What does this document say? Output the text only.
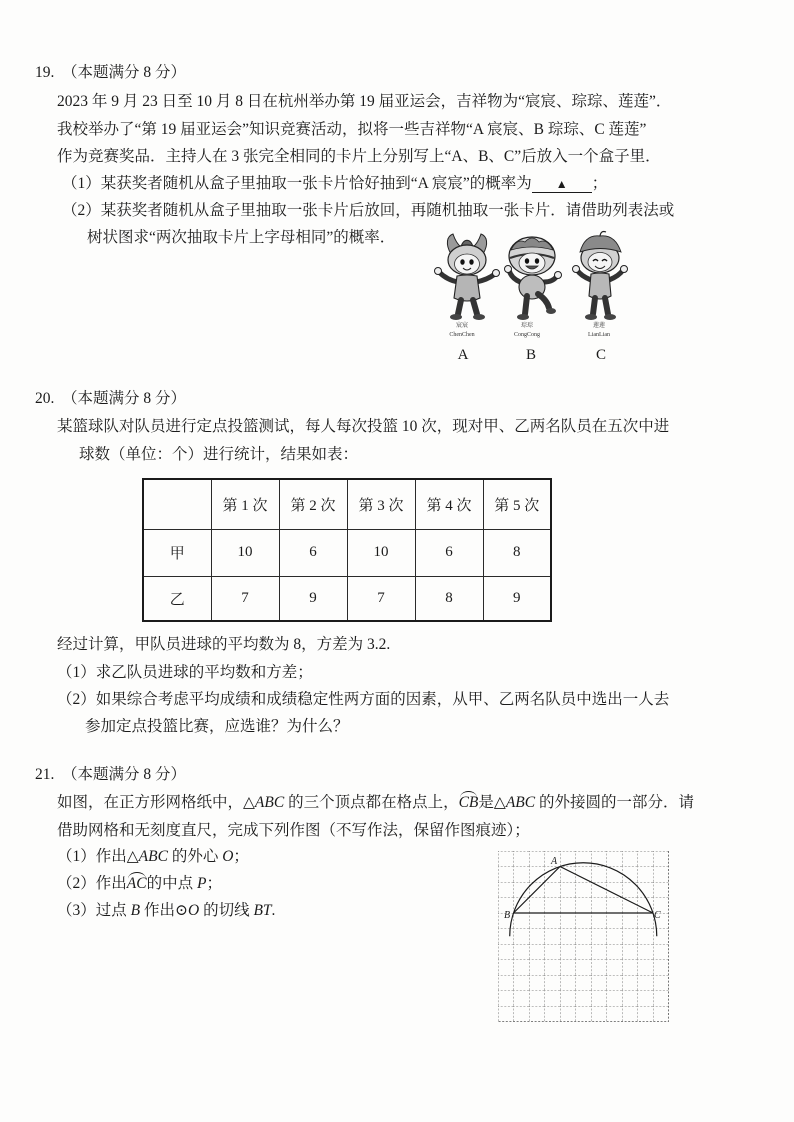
19. （本题满分 8 分）
2023 年 9 月 23 日至 10 月 8 日在杭州举办第 19 届亚运会，吉祥物为“宸宸、琮琮、莲莲”．
我校举办了“第 19 届亚运会”知识竞赛活动，拟将一些吉祥物“A 宸宸、B 琮琮、C 莲莲”
作为竞赛奖品．主持人在 3 张完全相同的卡片上分别写上“A、B、C”后放入一个盒子里．
（1）某获奖者随机从盒子里抽取一张卡片恰好抽到“A 宸宸”的概率为 ▲ ；
（2）某获奖者随机从盒子里抽取一张卡片后放回，再随机抽取一张卡片．请借助列表法或
树状图求“两次抽取卡片上字母相同”的概率．
宸宸
ChenChen
琮琮
CongCong
莲莲
LianLian
A	B	C
20. （本题满分 8 分）
某篮球队对队员进行定点投篮测试，每人每次投篮 10 次，现对甲、乙两名队员在五次中进
球数（单位：个）进行统计，结果如表：
	第 1 次	第 2 次	第 3 次	第 4 次	第 5 次
甲	10	6	10	6	8
乙	7	9	7	8	9
经过计算，甲队员进球的平均数为 8，方差为 3.2.
（1）求乙队员进球的平均数和方差；
（2）如果综合考虑平均成绩和成绩稳定性两方面的因素，从甲、乙两名队员中选出一人去
参加定点投篮比赛，应选谁？为什么？
21. （本题满分 8 分）
如图，在正方形网格纸中，△ABC 的三个顶点都在格点上，CB是△ABC 的外接圆的一部分．请
借助网格和无刻度直尺，完成下列作图（不写作法，保留作图痕迹）；
（1）作出△ABC 的外心 O；
（2）作出AC的中点 P；
（3）过点 B 作出⊙O 的切线 BT.
A
B	C
